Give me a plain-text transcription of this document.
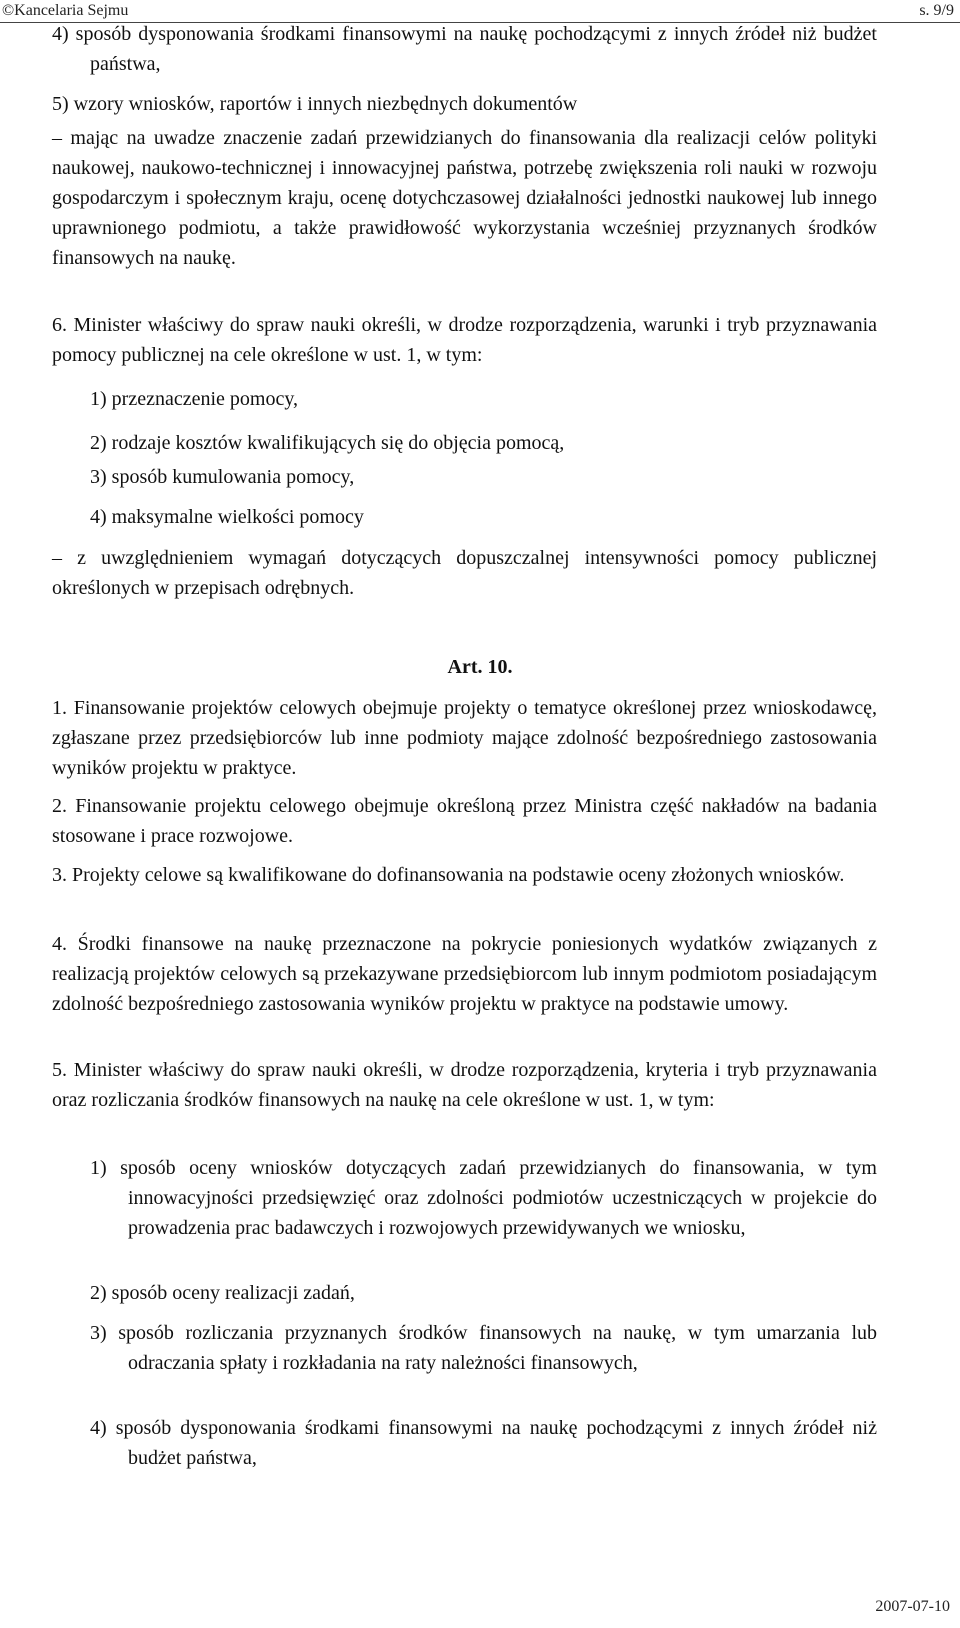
©Kancelaria Sejmu	s. 9/9
4) sposób dysponowania środkami finansowymi na naukę pochodzącymi z innych źródeł niż budżet państwa,
5) wzory wniosków, raportów i innych niezbędnych dokumentów
– mając na uwadze znaczenie zadań przewidzianych do finansowania dla realizacji celów polityki naukowej, naukowo-technicznej i innowacyjnej państwa, potrzebę zwiększenia roli nauki w rozwoju gospodarczym i społecznym kraju, ocenę dotychczasowej działalności jednostki naukowej lub innego uprawnionego podmiotu, a także prawidłowość wykorzystania wcześniej przyznanych środków finansowych na naukę.
6. Minister właściwy do spraw nauki określi, w drodze rozporządzenia, warunki i tryb przyznawania pomocy publicznej na cele określone w ust. 1, w tym:
1) przeznaczenie pomocy,
2) rodzaje kosztów kwalifikujących się do objęcia pomocą,
3) sposób kumulowania pomocy,
4) maksymalne wielkości pomocy
– z uwzględnieniem wymagań dotyczących dopuszczalnej intensywności pomocy publicznej określonych w przepisach odrębnych.
Art. 10.
1. Finansowanie projektów celowych obejmuje projekty o tematyce określonej przez wnioskodawcę, zgłaszane przez przedsiębiorców lub inne podmioty mające zdolność bezpośredniego zastosowania wyników projektu w praktyce.
2. Finansowanie projektu celowego obejmuje określoną przez Ministra część nakładów na badania stosowane i prace rozwojowe.
3. Projekty celowe są kwalifikowane do dofinansowania na podstawie oceny złożonych wniosków.
4. Środki finansowe na naukę przeznaczone na pokrycie poniesionych wydatków związanych z realizacją projektów celowych są przekazywane przedsiębiorcom lub innym podmiotom posiadającym zdolność bezpośredniego zastosowania wyników projektu w praktyce na podstawie umowy.
5. Minister właściwy do spraw nauki określi, w drodze rozporządzenia, kryteria i tryb przyznawania oraz rozliczania środków finansowych na naukę na cele określone w ust. 1, w tym:
1) sposób oceny wniosków dotyczących zadań przewidzianych do finansowania, w tym innowacyjności przedsięwzięć oraz zdolności podmiotów uczestniczących w projekcie do prowadzenia prac badawczych i rozwojowych przewidywanych we wniosku,
2) sposób oceny realizacji zadań,
3) sposób rozliczania przyznanych środków finansowych na naukę, w tym umarzania lub odraczania spłaty i rozkładania na raty należności finansowych,
4) sposób dysponowania środkami finansowymi na naukę pochodzącymi z innych źródeł niż budżet państwa,
2007-07-10
